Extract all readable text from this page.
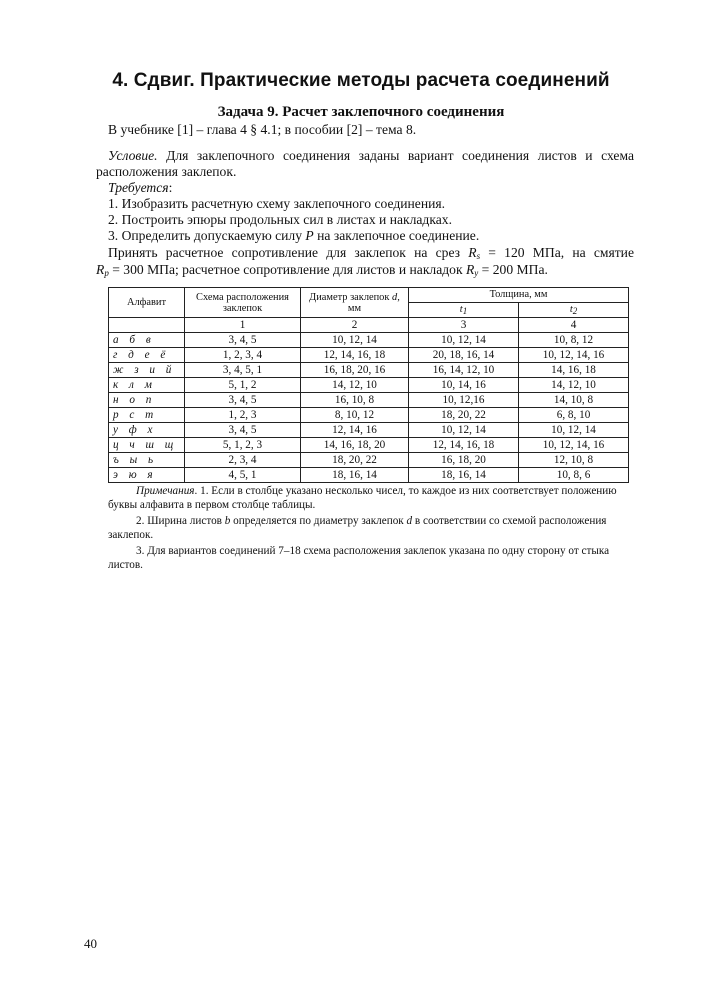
4. Сдвиг. Практические методы расчета соединений
Задача 9. Расчет заклепочного соединения
В учебнике [1] – глава 4 § 4.1; в пособии [2] – тема 8.
Условие. Для заклепочного соединения заданы вариант соединения листов и схема
расположения заклепок.
Требуется:
1. Изобразить расчетную схему заклепочного соединения.
2. Построить эпюры продольных сил в листах и накладках.
3. Определить допускаемую силу P на заклепочное соединение.
Принять расчетное сопротивление для заклепок на срез $R_s = 120$ МПа, на смятие
$R_p = 300$ МПа; расчетное сопротивление для листов и накладок $R_y = 200$ МПа.
Алфавит	Схема расположения заклепок	Диаметр заклепок d, мм	Толщина, мм	
			$t_1$	$t_2$
	1	2	3	4
а б в	3, 4, 5	10, 12, 14	10, 12, 14	10, 8, 12
г д е ё	1, 2, 3, 4	12, 14, 16, 18	20, 18, 16, 14	10, 12, 14, 16
ж з и й	3, 4, 5, 1	16, 18, 20, 16	16, 14, 12, 10	14, 16, 18
к л м	5, 1, 2	14, 12, 10	10, 14, 16	14, 12, 10
н о п	3, 4, 5	16, 10, 8	10, 12,16	14, 10, 8
р с т	1, 2, 3	8, 10, 12	18, 20, 22	6, 8, 10
у ф х	3, 4, 5	12, 14, 16	10, 12, 14	10, 12, 14
ц ч ш щ	5, 1, 2, 3	14, 16, 18, 20	12, 14, 16, 18	10, 12, 14, 16
ъ ы ь	2, 3, 4	18, 20, 22	16, 18, 20	12, 10, 8
э ю я	4, 5, 1	18, 16, 14	18, 16, 14	10, 8, 6
Примечания. 1. Если в столбце указано несколько чисел, то каждое из них соответствует положению буквы алфавита в первом столбце таблицы.
2. Ширина листов b определяется по диаметру заклепок d в соответствии со схемой расположения заклепок.
3. Для вариантов соединений 7–18 схема расположения заклепок указана по одну сторону от стыка листов.
40
